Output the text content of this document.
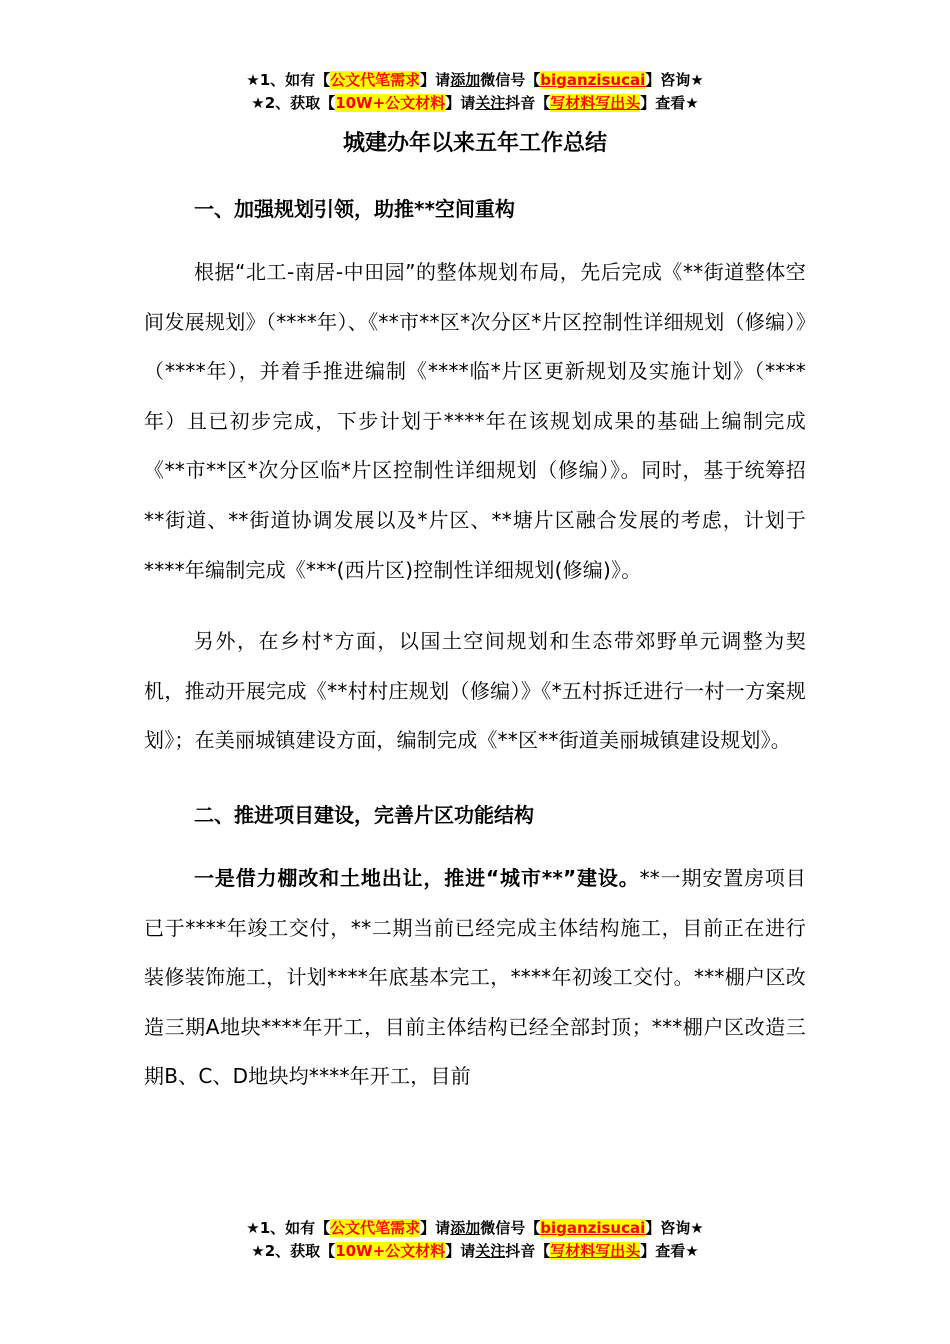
★1、如有【公文代笔需求】请添加微信号【biganzisucai】咨询★
★2、获取【10W+公文材料】请关注抖音【写材料写出头】查看★
城建办年以来五年工作总结

一、加强规划引领，助推**空间重构

根据“北工-南居-中田园”的整体规划布局，先后完成《**街道整体空间发展规划》（****年）、《**市**区*次分区*片区控制性详细规划（修编）》（****年），并着手推进编制《****临*片区更新规划及实施计划》（****年）且已初步完成，下步计划于****年在该规划成果的基础上编制完成《**市**区*次分区临*片区控制性详细规划（修编）》。同时，基于统筹招**街道、**街道协调发展以及*片区、**塘片区融合发展的考虑，计划于****年编制完成《***(西片区)控制性详细规划(修编)》。

另外，在乡村*方面，以国土空间规划和生态带郊野单元调整为契机，推动开展完成《**村村庄规划（修编）》《*五村拆迁进行一村一方案规划》；在美丽城镇建设方面，编制完成《**区**街道美丽城镇建设规划》。

二、推进项目建设，完善片区功能结构

一是借力棚改和土地出让，推进“城市**”建设。**一期安置房项目已于****年竣工交付，**二期当前已经完成主体结构施工，目前正在进行装修装饰施工，计划****年底基本完工，****年初竣工交付。***棚户区改造三期A地块****年开工，目前主体结构已经全部封顶；***棚户区改造三期B、C、D地块均****年开工，目前

★1、如有【公文代笔需求】请添加微信号【biganzisucai】咨询★
★2、获取【10W+公文材料】请关注抖音【写材料写出头】查看★
